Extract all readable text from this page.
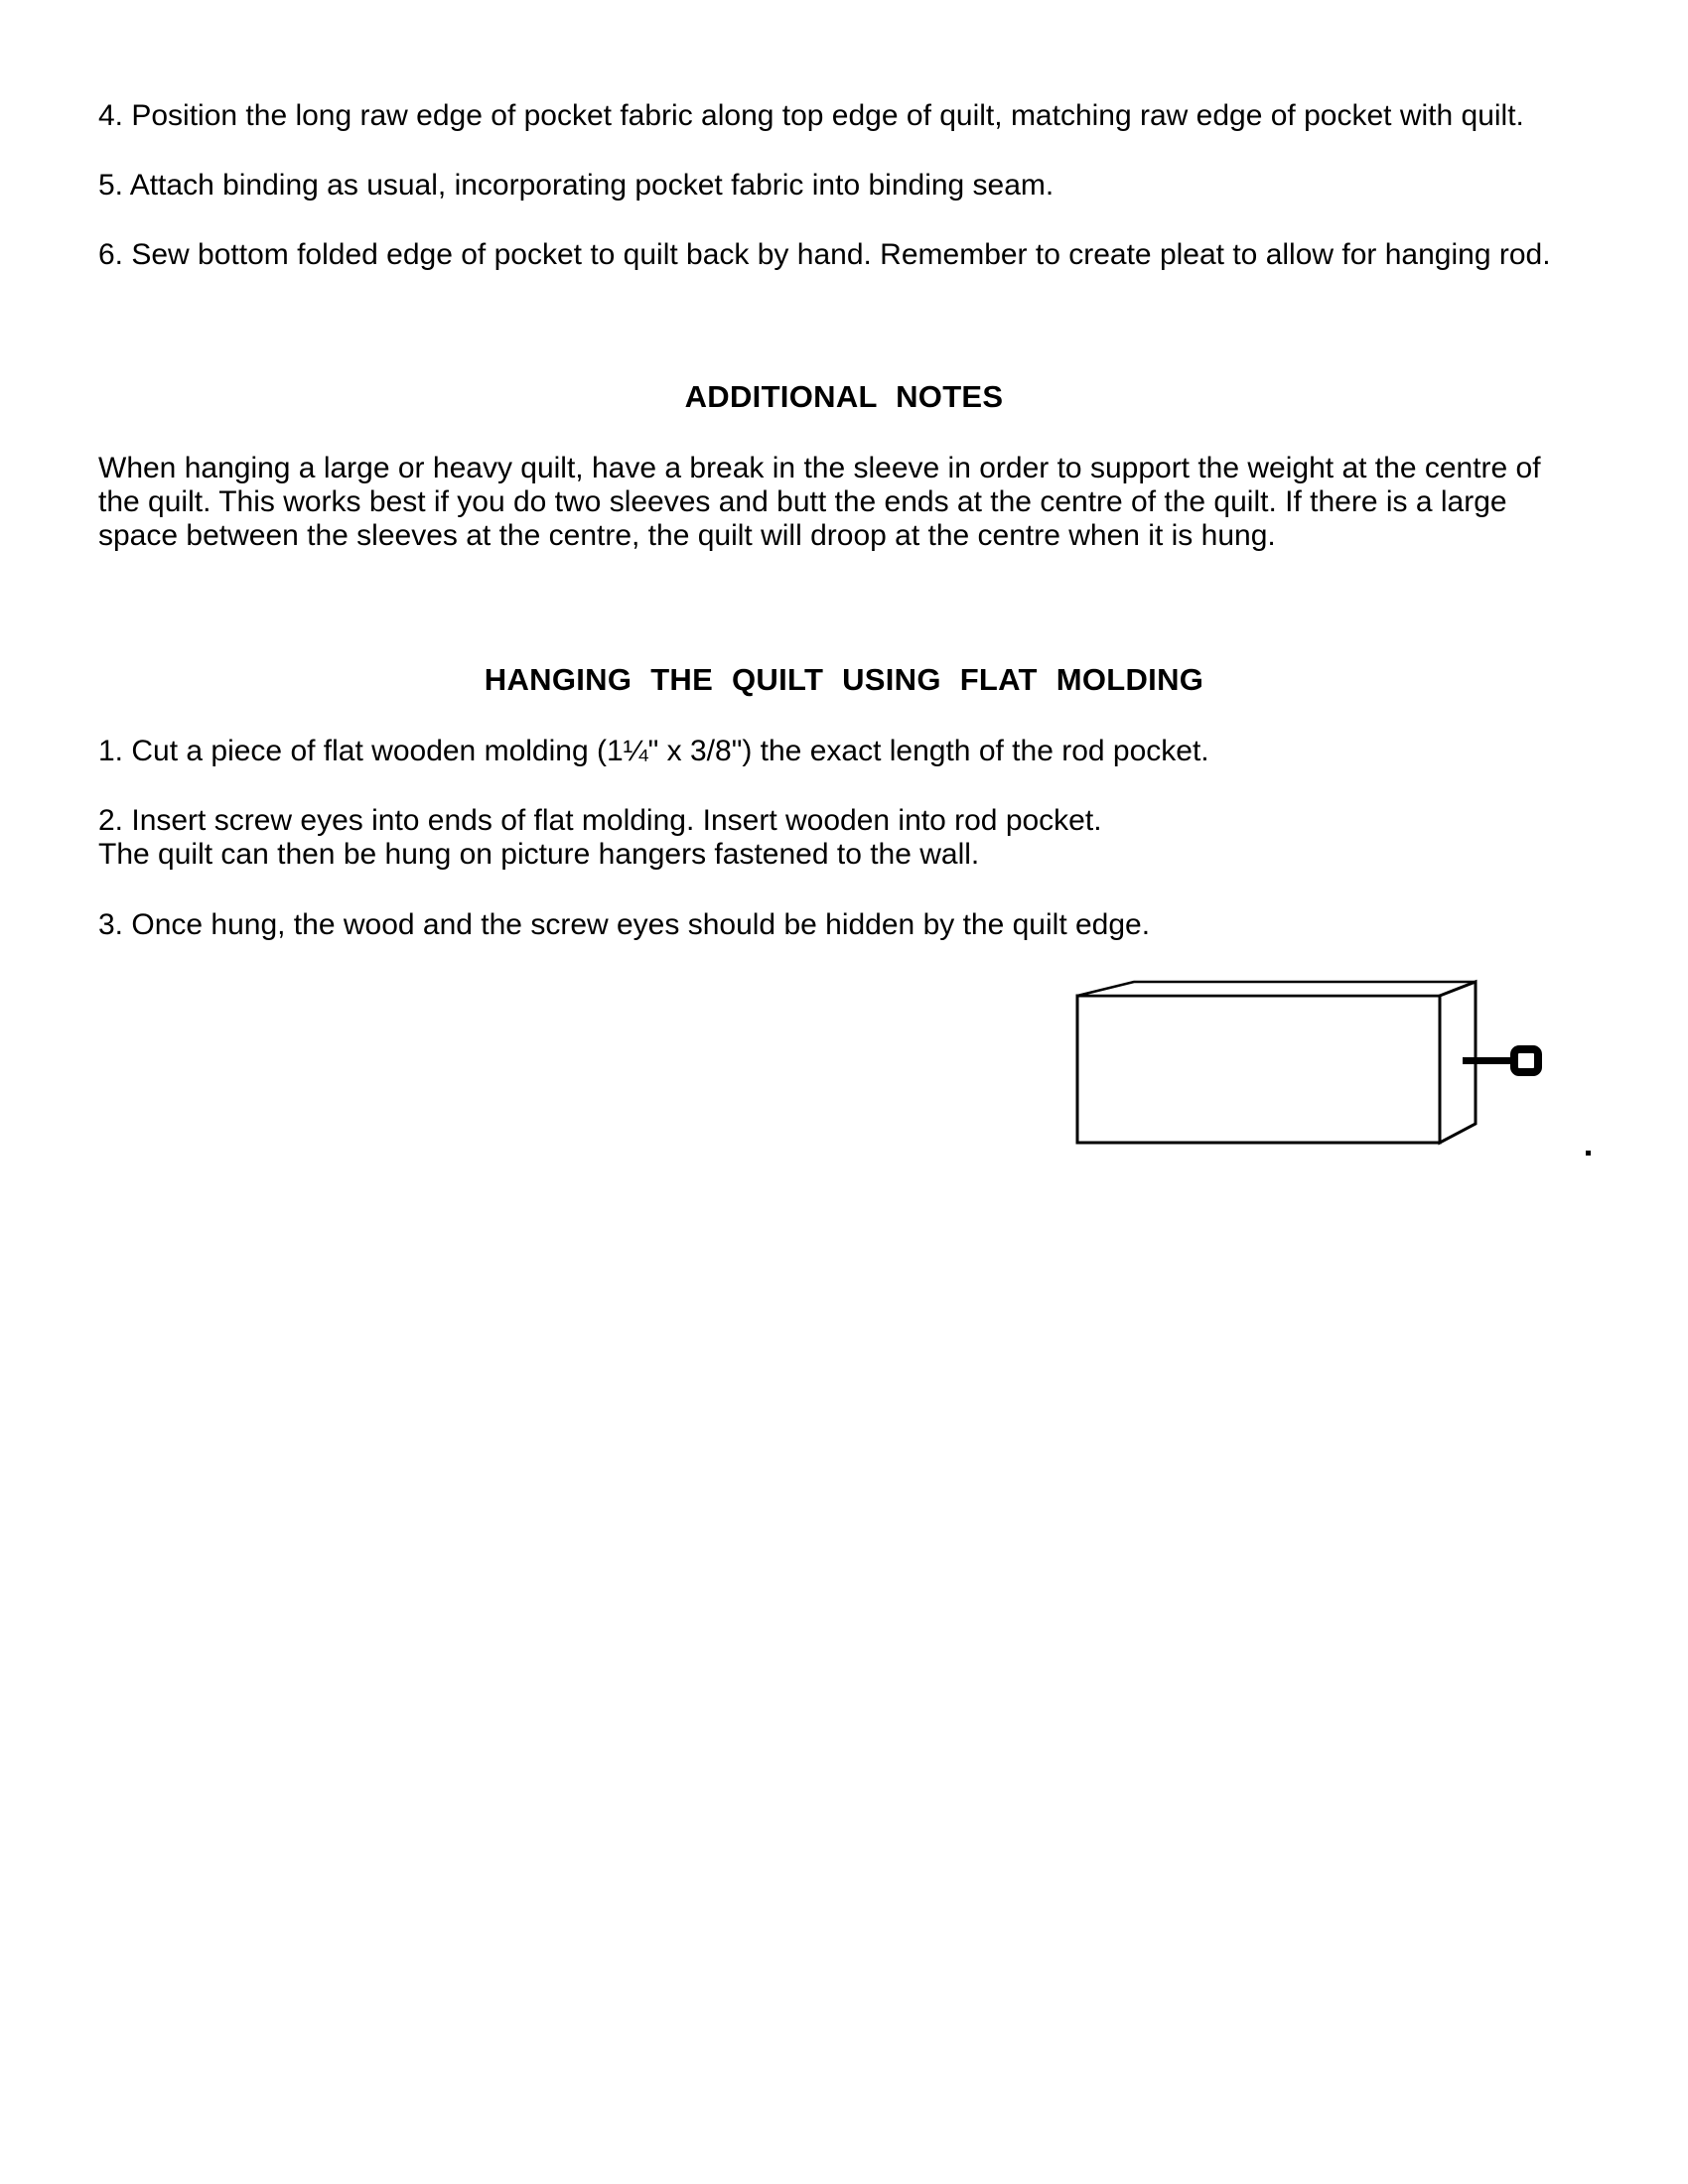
4. Position the long raw edge of pocket fabric along top edge of quilt, matching raw edge of pocket with quilt.

5. Attach binding as usual, incorporating pocket fabric into binding seam.

6. Sew bottom folded edge of pocket to quilt back by hand. Remember to create pleat to allow for hanging rod.

ADDITIONAL NOTES
When hanging a large or heavy quilt, have a break in the sleeve in order to support the weight at the centre of
the quilt. This works best if you do two sleeves and butt the ends at the centre of the quilt. If there is a large
space between the sleeves at the centre, the quilt will droop at the centre when it is hung.
HANGING THE QUILT USING FLAT MOLDING

1. Cut a piece of flat wooden molding (1¼" x 3/8") the exact length of the rod pocket.

2. Insert screw eyes into ends of flat molding. Insert wooden into rod pocket.
The quilt can then be hung on picture hangers fastened to the wall.

3. Once hung, the wood and the screw eyes should be hidden by the quilt edge.
